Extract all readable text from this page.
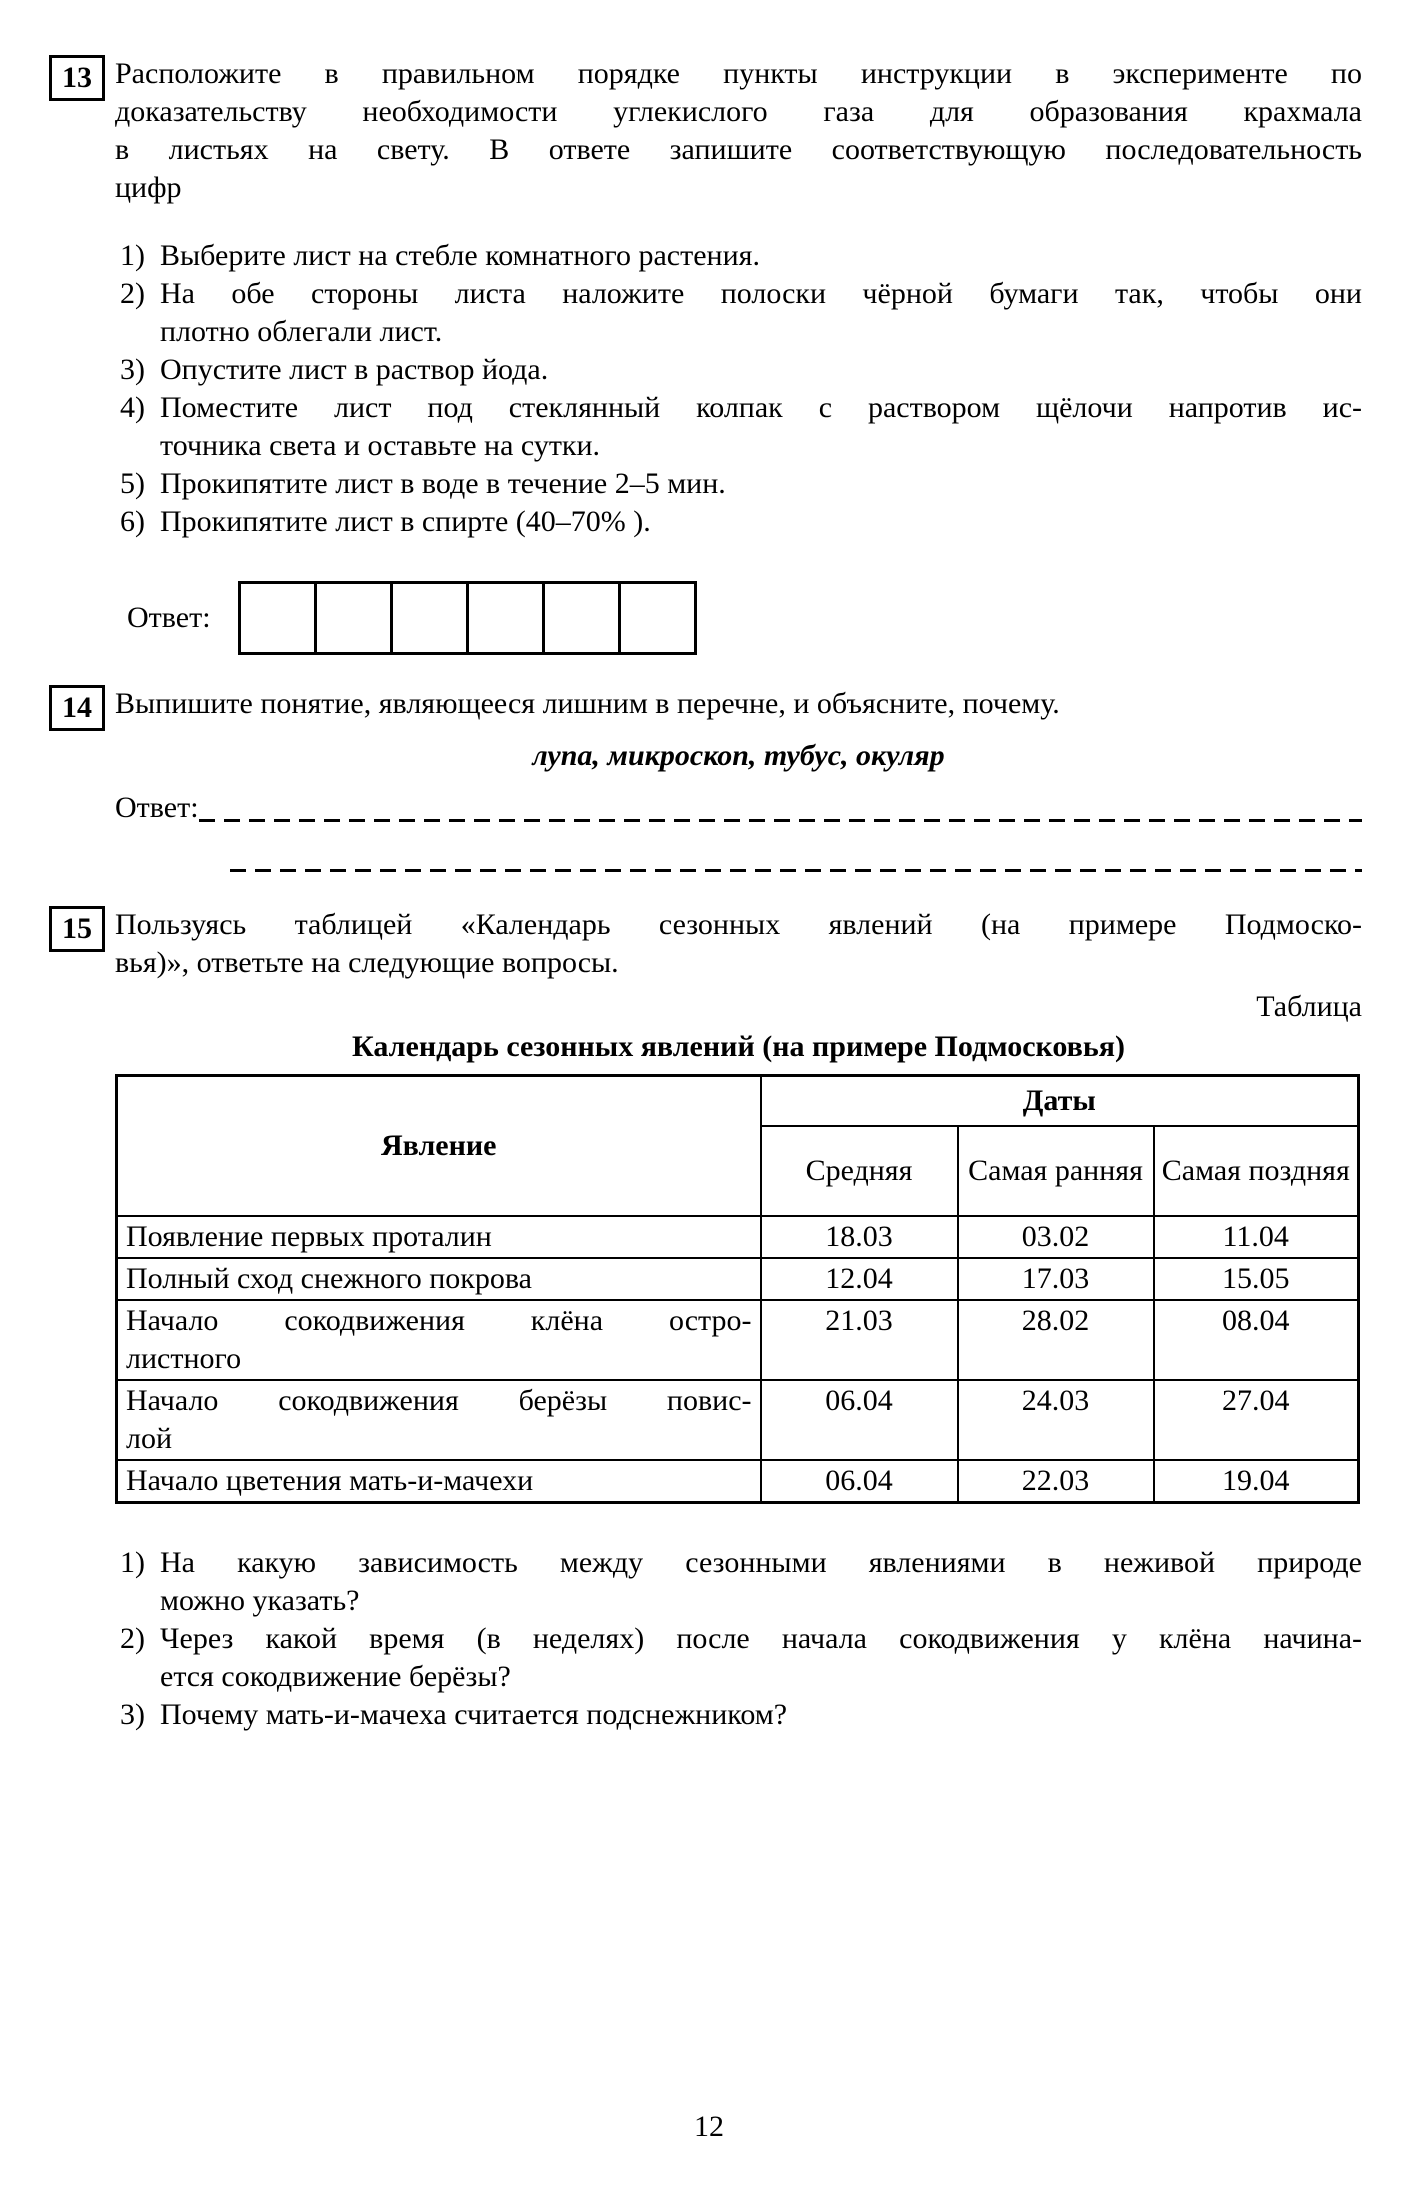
13 Расположите в правильном порядке пункты инструкции в эксперименте по
доказательству необходимости углекислого газа для образования крахмала
в листьях на свету. В ответе запишите соответствующую последовательность
цифр
1) Выберите лист на стебле комнатного растения.
2) На обе стороны листа наложите полоски чёрной бумаги так, чтобы они
плотно облегали лист.
3) Опустите лист в раствор йода.
4) Поместите лист под стеклянный колпак с раствором щёлочи напротив ис-
точника света и оставьте на сутки.
5) Прокипятите лист в воде в течение 2–5 мин.
6) Прокипятите лист в спирте (40–70% ).
Ответ:
14 Выпишите понятие, являющееся лишним в перечне, и объясните, почему.
лупа, микроскоп, тубус, окуляр
Ответ:
15 Пользуясь таблицей «Календарь сезонных явлений (на примере Подмоско-
вья)», ответьте на следующие вопросы.
Таблица
Календарь сезонных явлений (на примере Подмосковья)
Явление	Даты		
	Средняя	Самая ранняя	Самая поздняя

Появление первых проталин	18.03	03.02	11.04

Полный сход снежного покрова	12.04	17.03	15.05

Начало сокодвижения клёна остро-
листного	21.03	28.02	08.04

Начало сокодвижения берёзы повис-
лой	06.04	24.03	27.04

Начало цветения мать-и-мачехи	06.04	22.03	19.04
1) На какую зависимость между сезонными явлениями в неживой природе
можно указать?
2) Через какой время (в неделях) после начала сокодвижения у клёна начина-
ется сокодвижение берёзы?
3) Почему мать-и-мачеха считается подснежником?
12
